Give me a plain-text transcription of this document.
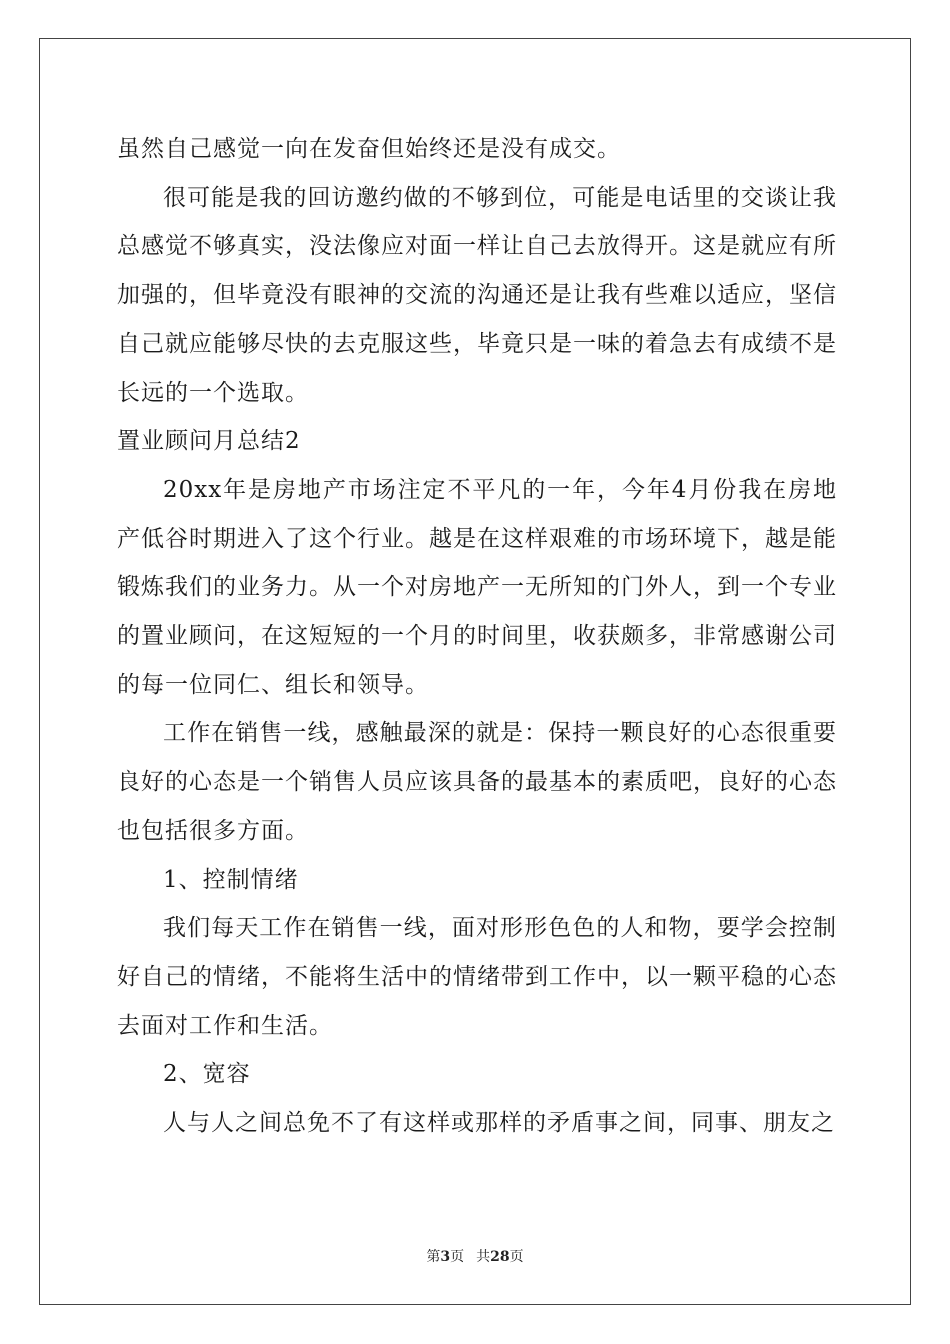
虽然自己感觉一向在发奋但始终还是没有成交。

很可能是我的回访邀约做的不够到位，可能是电话里的交谈让我总感觉不够真实，没法像应对面一样让自己去放得开。这是就应有所加强的，但毕竟没有眼神的交流的沟通还是让我有些难以适应，坚信自己就应能够尽快的去克服这些，毕竟只是一味的着急去有成绩不是长远的一个选取。

置业顾问月总结2

20xx年是房地产市场注定不平凡的一年，今年4月份我在房地产低谷时期进入了这个行业。越是在这样艰难的市场环境下，越是能锻炼我们的业务力。从一个对房地产一无所知的门外人，到一个专业的置业顾问，在这短短的一个月的时间里，收获颇多，非常感谢公司的每一位同仁、组长和领导。

工作在销售一线，感触最深的就是：保持一颗良好的心态很重要良好的心态是一个销售人员应该具备的最基本的素质吧，良好的心态也包括很多方面。

1、控制情绪

我们每天工作在销售一线，面对形形色色的人和物，要学会控制好自己的情绪，不能将生活中的情绪带到工作中，以一颗平稳的心态去面对工作和生活。

2、宽容

人与人之间总免不了有这样或那样的矛盾事之间，同事、朋友之

第3页 共28页
